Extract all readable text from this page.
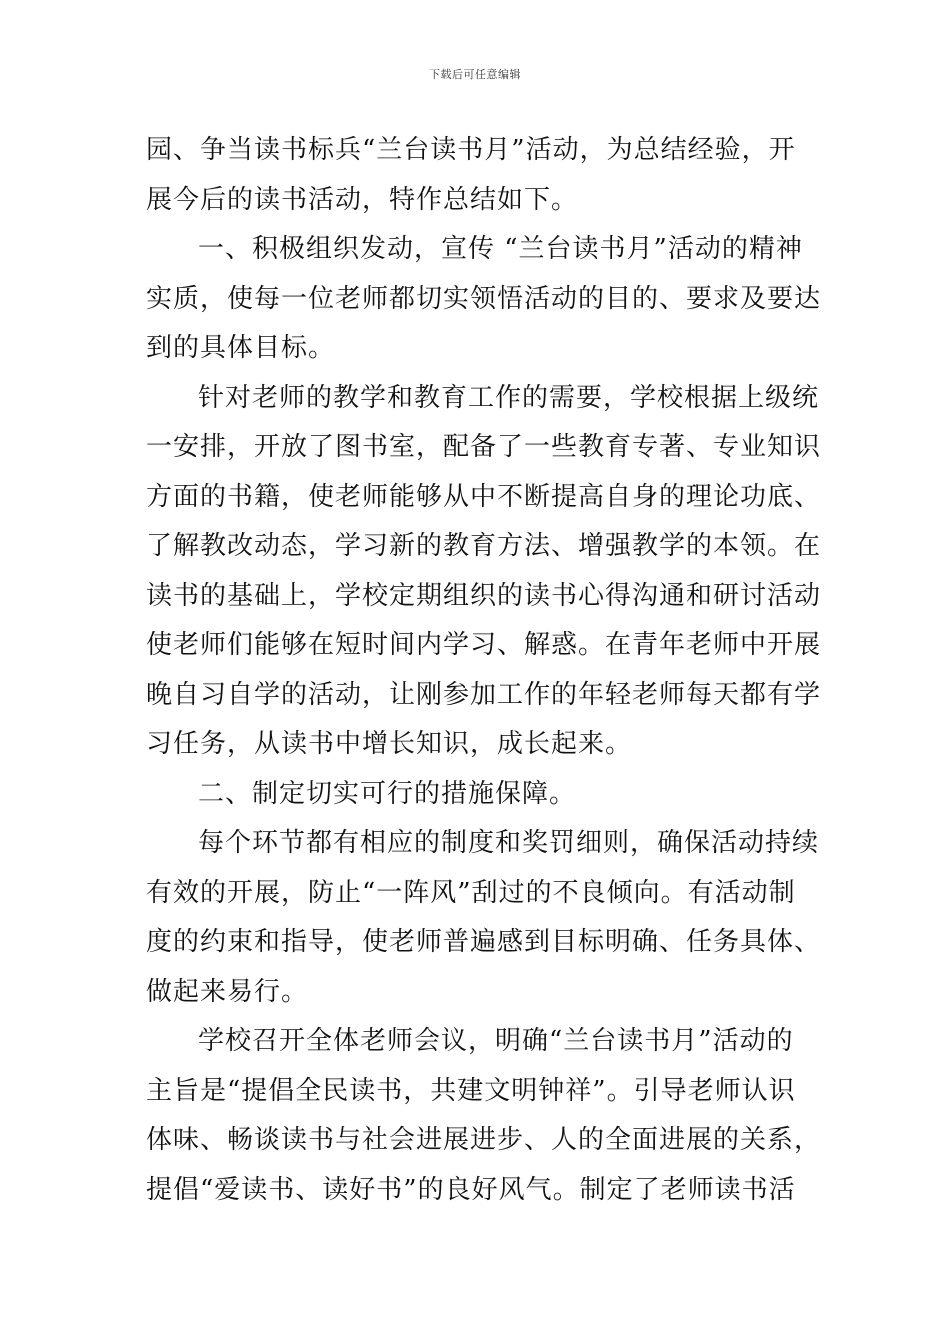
下载后可任意编辑
园、争当读书标兵“兰台读书月”活动，为总结经验，开
展今后的读书活动，特作总结如下。
一、积极组织发动，宣传 “兰台读书月”活动的精神
实质，使每一位老师都切实领悟活动的目的、要求及要达
到的具体目标。
针对老师的教学和教育工作的需要，学校根据上级统
一安排，开放了图书室，配备了一些教育专著、专业知识
方面的书籍，使老师能够从中不断提高自身的理论功底、
了解教改动态，学习新的教育方法、增强教学的本领。在
读书的基础上，学校定期组织的读书心得沟通和研讨活动
使老师们能够在短时间内学习、解惑。在青年老师中开展
晚自习自学的活动，让刚参加工作的年轻老师每天都有学
习任务，从读书中增长知识，成长起来。
二、制定切实可行的措施保障。
每个环节都有相应的制度和奖罚细则，确保活动持续
有效的开展，防止“一阵风”刮过的不良倾向。有活动制
度的约束和指导，使老师普遍感到目标明确、任务具体、
做起来易行。
学校召开全体老师会议，明确“兰台读书月”活动的
主旨是“提倡全民读书，共建文明钟祥”。引导老师认识
体味、畅谈读书与社会进展进步、人的全面进展的关系，
提倡“爱读书、读好书”的良好风气。制定了老师读书活
